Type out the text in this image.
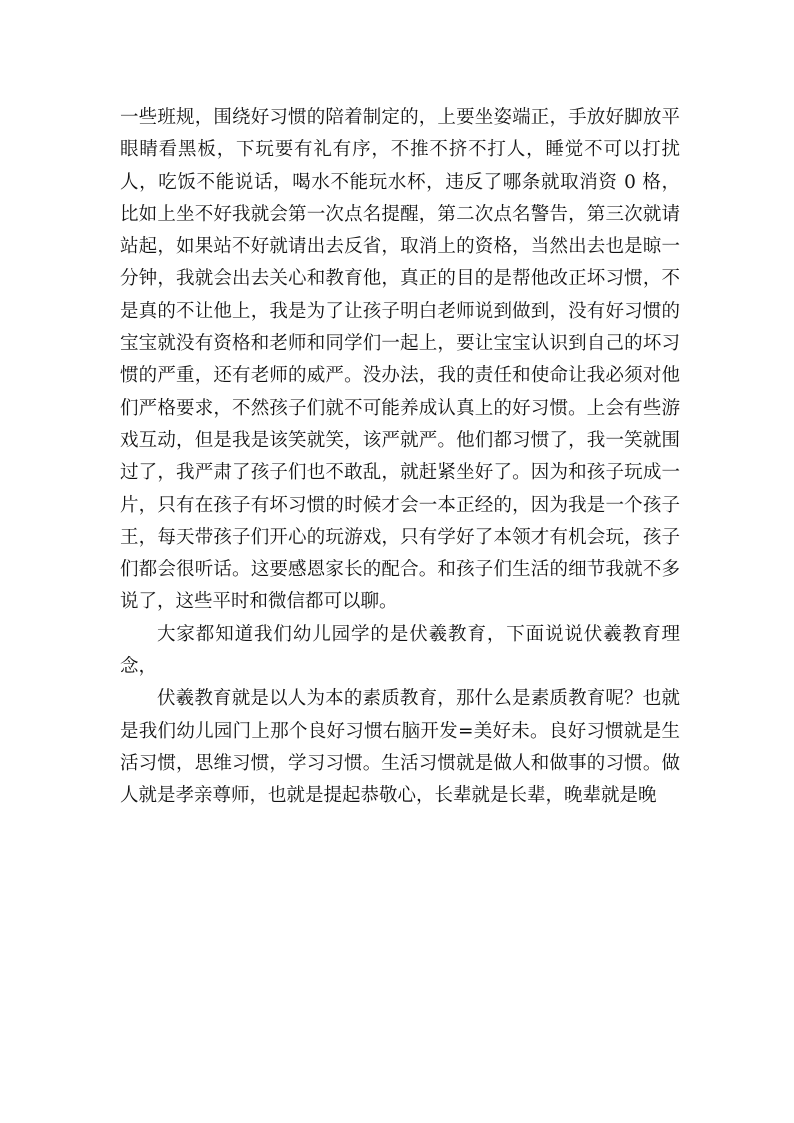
一些班规，围绕好习惯的陪着制定的，上要坐姿端正，手放好脚放平眼睛看黑板，下玩要有礼有序，不推不挤不打人，睡觉不可以打扰人，吃饭不能说话，喝水不能玩水杯，违反了哪条就取消资 0 格，比如上坐不好我就会第一次点名提醒，第二次点名警告，第三次就请站起，如果站不好就请出去反省，取消上的资格，当然出去也是晾一分钟，我就会出去关心和教育他，真正的目的是帮他改正坏习惯，不是真的不让他上，我是为了让孩子明白老师说到做到，没有好习惯的宝宝就没有资格和老师和同学们一起上，要让宝宝认识到自己的坏习惯的严重，还有老师的威严。没办法，我的责任和使命让我必须对他们严格要求，不然孩子们就不可能养成认真上的好习惯。上会有些游戏互动，但是我是该笑就笑，该严就严。他们都习惯了，我一笑就围过了，我严肃了孩子们也不敢乱，就赶紧坐好了。因为和孩子玩成一片，只有在孩子有坏习惯的时候才会一本正经的，因为我是一个孩子王，每天带孩子们开心的玩游戏，只有学好了本领才有机会玩，孩子们都会很听话。这要感恩家长的配合。和孩子们生活的细节我就不多说了，这些平时和微信都可以聊。

大家都知道我们幼儿园学的是伏羲教育，下面说说伏羲教育理念，

伏羲教育就是以人为本的素质教育，那什么是素质教育呢？也就是我们幼儿园门上那个良好习惯右脑开发=美好未。良好习惯就是生活习惯，思维习惯，学习习惯。生活习惯就是做人和做事的习惯。做人就是孝亲尊师，也就是提起恭敬心，长辈就是长辈，晚辈就是晚
